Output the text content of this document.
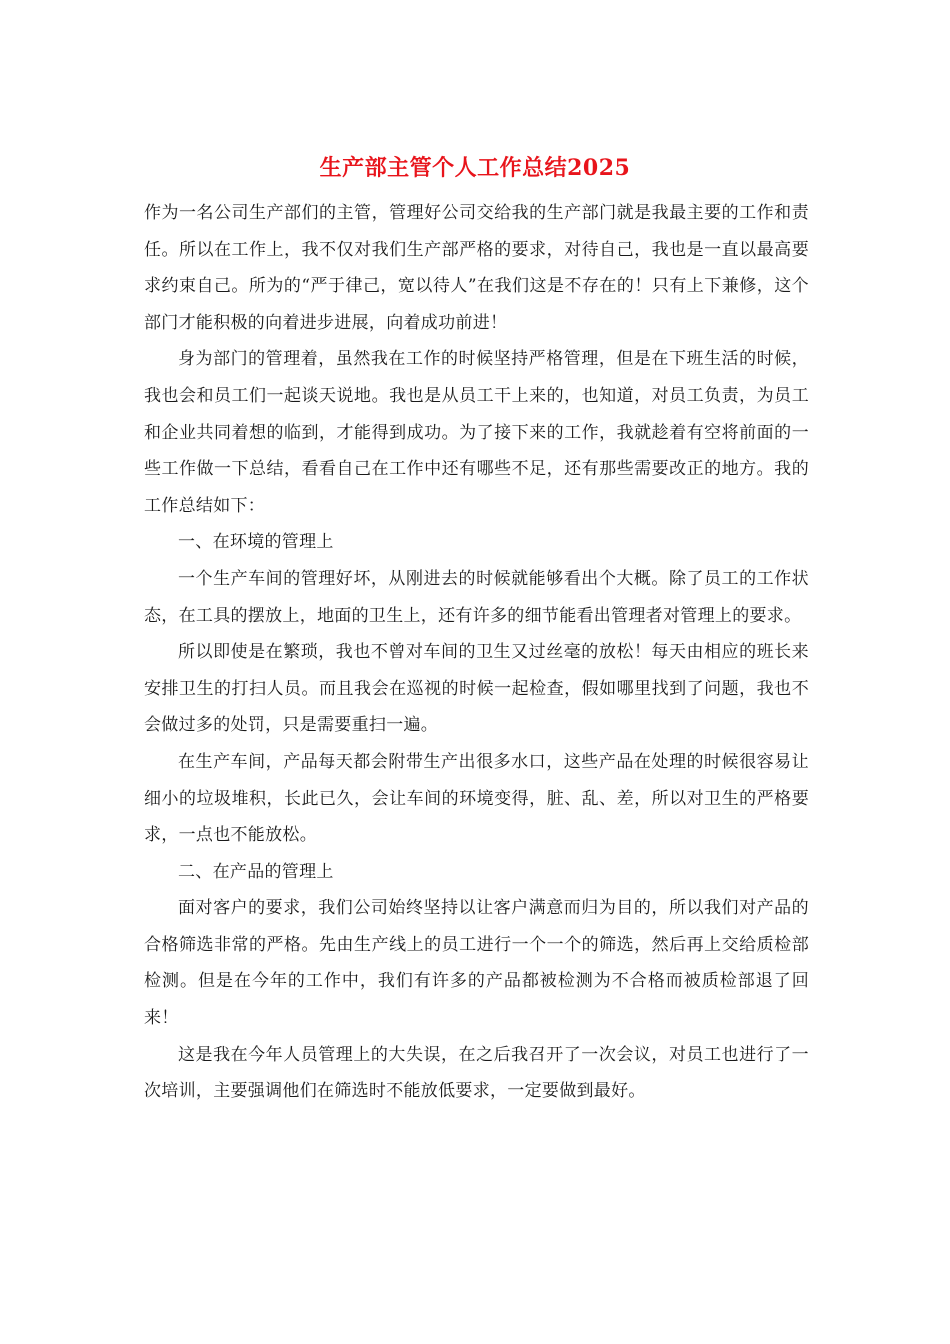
生产部主管个人工作总结2025

作为一名公司生产部们的主管，管理好公司交给我的生产部门就是我最主要的工作和责任。所以在工作上，我不仅对我们生产部严格的要求，对待自己，我也是一直以最高要求约束自己。所为的“严于律己，宽以待人”在我们这是不存在的！只有上下兼修，这个部门才能积极的向着进步进展，向着成功前进！

身为部门的管理着，虽然我在工作的时候坚持严格管理，但是在下班生活的时候，我也会和员工们一起谈天说地。我也是从员工干上来的，也知道，对员工负责，为员工和企业共同着想的临到，才能得到成功。为了接下来的工作，我就趁着有空将前面的一些工作做一下总结，看看自己在工作中还有哪些不足，还有那些需要改正的地方。我的工作总结如下：

一、在环境的管理上

一个生产车间的管理好坏，从刚进去的时候就能够看出个大概。除了员工的工作状态，在工具的摆放上，地面的卫生上，还有许多的细节能看出管理者对管理上的要求。

所以即使是在繁琐，我也不曾对车间的卫生又过丝毫的放松！每天由相应的班长来安排卫生的打扫人员。而且我会在巡视的时候一起检查，假如哪里找到了问题，我也不会做过多的处罚，只是需要重扫一遍。

在生产车间，产品每天都会附带生产出很多水口，这些产品在处理的时候很容易让细小的垃圾堆积，长此已久，会让车间的环境变得，脏、乱、差，所以对卫生的严格要求，一点也不能放松。

二、在产品的管理上

面对客户的要求，我们公司始终坚持以让客户满意而归为目的，所以我们对产品的合格筛选非常的严格。先由生产线上的员工进行一个一个的筛选，然后再上交给质检部检测。但是在今年的工作中，我们有许多的产品都被检测为不合格而被质检部退了回来！

这是我在今年人员管理上的大失误，在之后我召开了一次会议，对员工也进行了一次培训，主要强调他们在筛选时不能放低要求，一定要做到最好。
